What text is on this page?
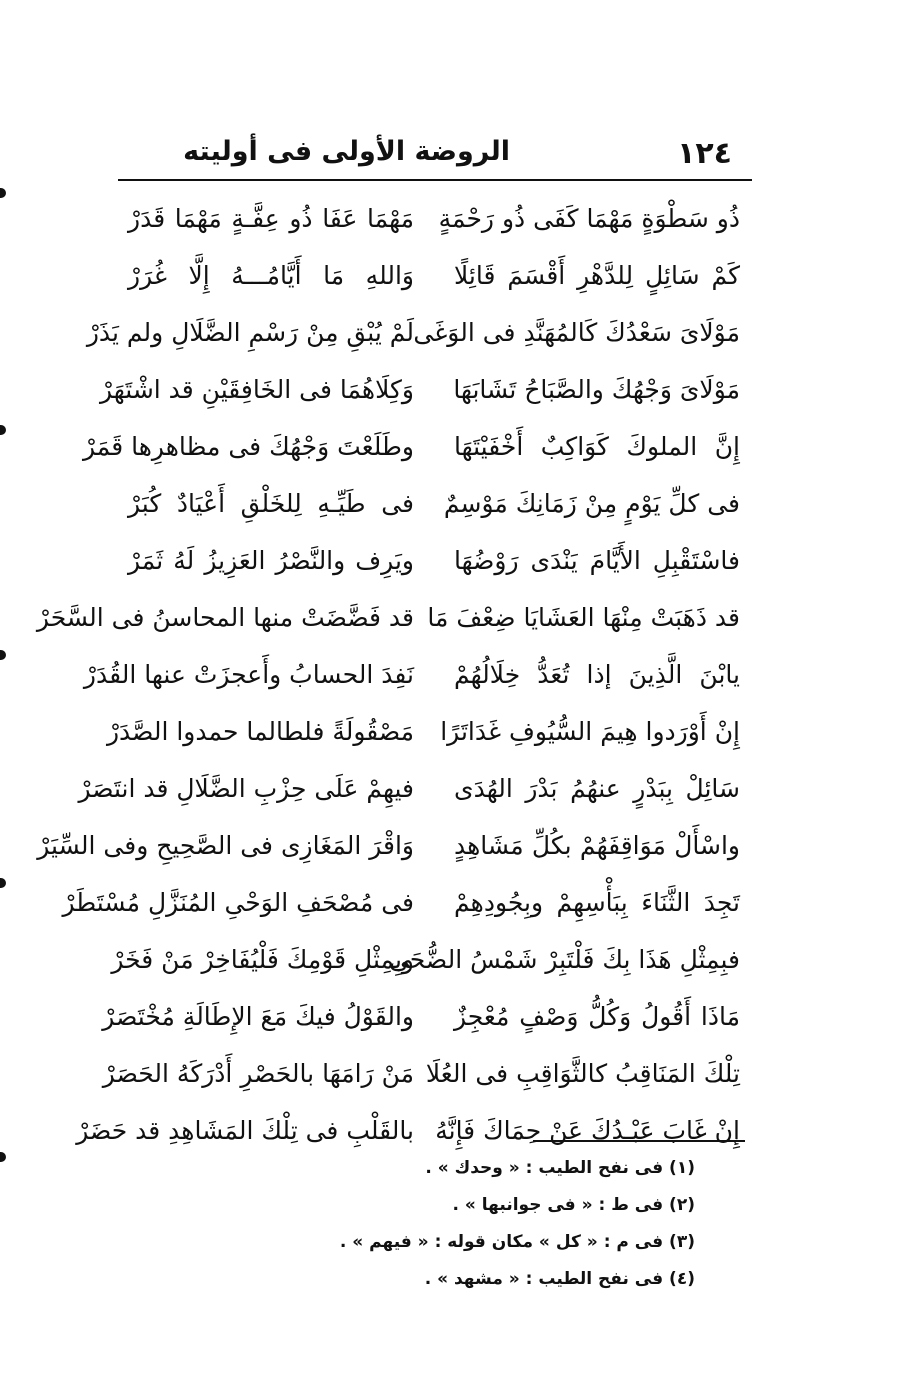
١٢٤
الروضة الأولى فى أوليته
ذُو سَطْوَةٍ مَهْمَا كَفَى ذُو رَحْمَةٍ
مَهْمَا عَفَا ذُو عِفَّـةٍ مَهْمَا قَدَرْ
كَمْ سَائِلٍ لِلدَّهْرِ أَقْسَمَ قَائِلًا
وَاللهِ مَا أَيَّامُـــهُ إِلَّا غُرَرْ
مَوْلَاىَ سَعْدُكَ كَالمُهَنَّدِ فى الوَغَى
لَمْ يُبْقِ مِنْ رَسْمِ الضَّلَالِ ولم يَذَرْ
مَوْلَاىَ وَجْهُكَ والصَّبَاحُ تَشَابَهَا
وَكِلَاهُمَا فى الخَافِقَيْنِ قد اشْتَهَرْ
إِنَّ الملوكَ كَوَاكِبٌ أَخْفَيْتَهَا
وطَلَعْتَ وَجْهُكَ فى مظاهرِها قَمَرْ
فى كلِّ يَوْمٍ مِنْ زَمَانِكَ مَوْسِمٌ
فى طَيِّـهِ لِلخَلْقِ أَعْيَادٌ كُبَرْ
فاسْتَقْبِلِ الأَيَّامَ يَنْدَى رَوْضُهَا
ويَرِف والنَّصْرُ العَزِيزُ لَهُ ثَمَرْ
قد ذَهَبَتْ مِنْهَا العَشَايَا ضِعْفَ مَا
قد فَضَّضَتْ منها المحاسنُ فى السَّحَرْ
يابْنَ الَّذِينَ إذا تُعَدُّ خِلَالُهُمْ
نَفِدَ الحسابُ وأَعجزَتْ عنها القُدَرْ
إِنْ أَوْرَدوا هِيمَ السُّيُوفِ غَدَاتَرًا
مَصْقُولَةً فلطالما حمدوا الصَّدَرْ
سَائِلْ بِبَدْرٍ عنهُمُ بَدْرَ الهُدَى
فيهِمْ عَلَى حِزْبِ الضَّلَالِ قد انتَصَرْ
واسْأَلْ مَوَاقِفَهُمْ بكُلِّ مَشَاهِدٍ
وَاقْرَ المَغَازِى فى الصَّحِيحِ وفى السِّيَرْ
تَجِدَ الثَّنَاءَ بِبَأْسِهِمْ وبِجُودِهِمْ
فى مُصْحَفِ الوَحْىِ المُنَزَّلِ مُسْتَطَرْ
فبِمِثْلِ هَذَا بِكَ فَلْتَبِرْ شَمْسُ الضُّحَى
وبِمِثْلِ قَوْمِكَ فَلْيُفَاخِرْ مَنْ فَخَرْ
مَاذَا أَقُولُ وَكُلُّ وَصْفٍ مُعْجِزٌ
والقَوْلُ فيكَ مَعَ الإِطَالَةِ مُخْتَصَرْ
تِلْكَ المَنَاقِبُ كالثَّوَاقِبِ فى العُلَا
مَنْ رَامَهَا بالحَصْرِ أَدْرَكَهُ الحَصَرْ
إِنْ غَابَ عَبْـدُكَ عَنْ حِمَاكَ فَإِنَّهُ
بالقَلْبِ فى تِلْكَ المَشَاهِدِ قد حَضَرْ
(١) فى نفح الطيب : « وحدك » .
(٢) فى ط : « فى جوانبها » .
(٣) فى م : « كل » مكان قوله : « فيهم » .
(٤) فى نفح الطيب : « مشهد » .
